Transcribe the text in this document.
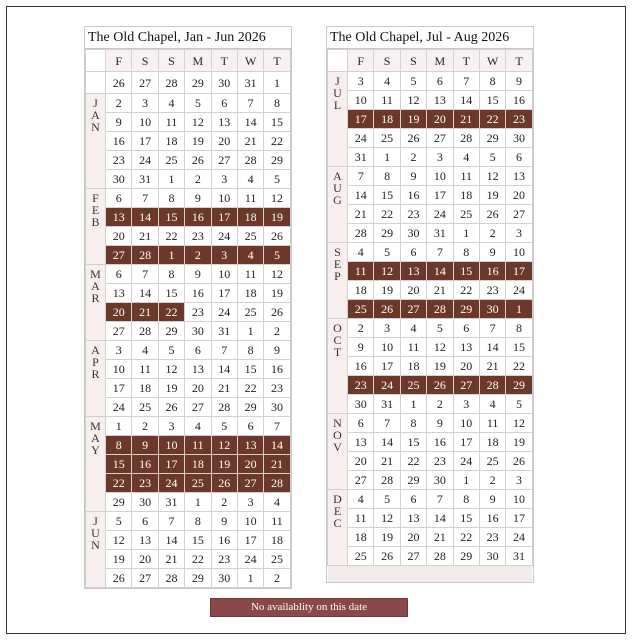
The Old Chapel, Jan - Jun 2026
	F	S	S	M	T	W	T
	26	27	28	29	30	31	1
J
A
N	2	3	4	5	6	7	8
	9	10	11	12	13	14	15
	16	17	18	19	20	21	22
	23	24	25	26	27	28	29
	30	31	1	2	3	4	5
F
E
B	6	7	8	9	10	11	12
	13	14	15	16	17	18	19
	20	21	22	23	24	25	26
	27	28	1	2	3	4	5
M
A
R	6	7	8	9	10	11	12
	13	14	15	16	17	18	19
	20	21	22	23	24	25	26
	27	28	29	30	31	1	2
A
P
R	3	4	5	6	7	8	9
	10	11	12	13	14	15	16
	17	18	19	20	21	22	23
	24	25	26	27	28	29	30
M
A
Y	1	2	3	4	5	6	7
	8	9	10	11	12	13	14
	15	16	17	18	19	20	21
	22	23	24	25	26	27	28
	29	30	31	1	2	3	4
J
U
N	5	6	7	8	9	10	11
	12	13	14	15	16	17	18
	19	20	21	22	23	24	25
	26	27	28	29	30	1	2
The Old Chapel, Jul - Aug 2026
	F	S	S	M	T	W	T
J
U
L	3	4	5	6	7	8	9
	10	11	12	13	14	15	16
	17	18	19	20	21	22	23
	24	25	26	27	28	29	30
	31	1	2	3	4	5	6
A
U
G	7	8	9	10	11	12	13
	14	15	16	17	18	19	20
	21	22	23	24	25	26	27
	28	29	30	31	1	2	3
S
E
P	4	5	6	7	8	9	10
	11	12	13	14	15	16	17
	18	19	20	21	22	23	24
	25	26	27	28	29	30	1
O
C
T	2	3	4	5	6	7	8
	9	10	11	12	13	14	15
	16	17	18	19	20	21	22
	23	24	25	26	27	28	29
	30	31	1	2	3	4	5
N
O
V	6	7	8	9	10	11	12
	13	14	15	16	17	18	19
	20	21	22	23	24	25	26
	27	28	29	30	1	2	3
D
E
C	4	5	6	7	8	9	10
	11	12	13	14	15	16	17
	18	19	20	21	22	23	24
	25	26	27	28	29	30	31

No availablity on this date
